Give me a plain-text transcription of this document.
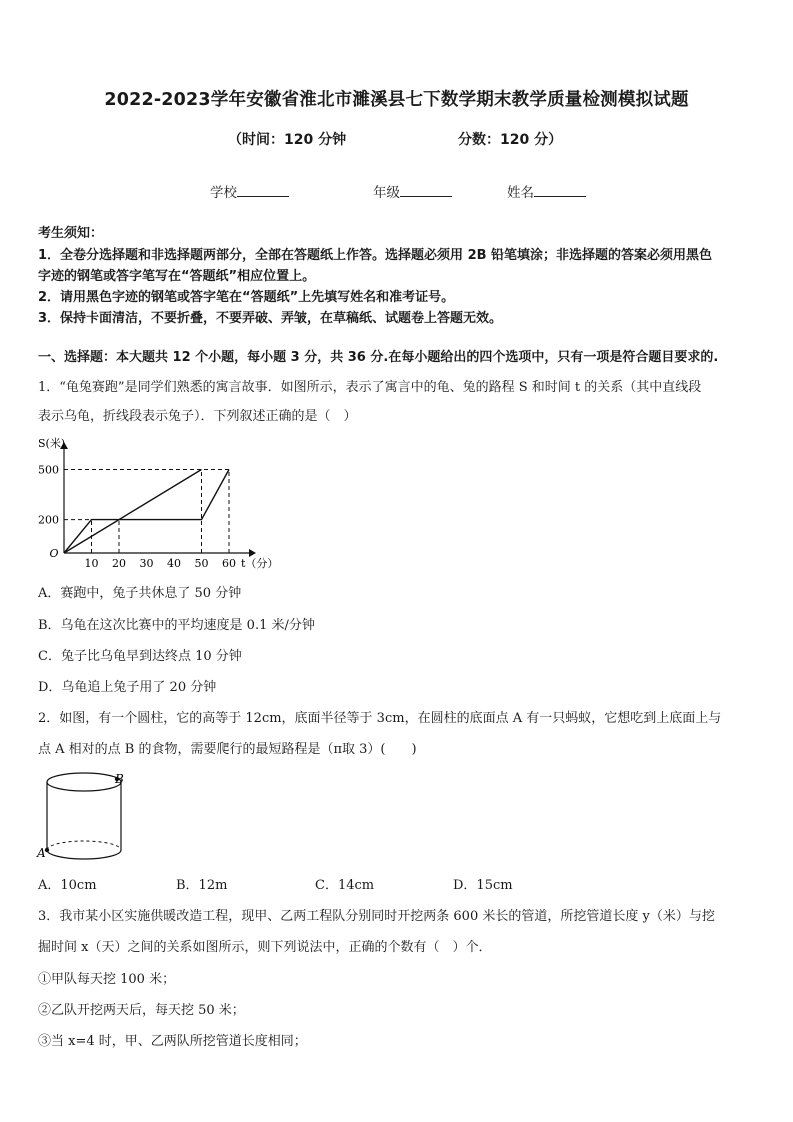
2022-2023学年安徽省淮北市濉溪县七下数学期末教学质量检测模拟试题
（时间：120 分钟	分数：120 分）
学校	年级	姓名
考生须知：
1．全卷分选择题和非选择题两部分，全部在答题纸上作答。选择题必须用 2B 铅笔填涂；非选择题的答案必须用黑色
字迹的钢笔或答字笔写在“答题纸”相应位置上。
2．请用黑色字迹的钢笔或答字笔在“答题纸”上先填写姓名和准考证号。
3．保持卡面清洁，不要折叠，不要弄破、弄皱，在草稿纸、试题卷上答题无效。
一、选择题：本大题共 12 个小题，每小题 3 分，共 36 分.在每小题给出的四个选项中，只有一项是符合题目要求的.
1．“龟兔赛跑”是同学们熟悉的寓言故事．如图所示，表示了寓言中的龟、兔的路程 S 和时间 t 的关系（其中直线段
表示乌龟，折线段表示兔子）．下列叙述正确的是（　）
10 20 30 40 50 60
200
500
O
S(米)
t（分）
A．赛跑中，兔子共休息了 50 分钟
B．乌龟在这次比赛中的平均速度是 0.1 米/分钟
C．兔子比乌龟早到达终点 10 分钟
D．乌龟追上兔子用了 20 分钟
2．如图，有一个圆柱，它的高等于 12cm，底面半径等于 3cm，在圆柱的底面点 A 有一只蚂蚁，它想吃到上底面上与
点 A 相对的点 B 的食物，需要爬行的最短路程是（π取 3）(　　)
B
A
A．10cm	B．12m	C．14cm	D．15cm
3．我市某小区实施供暖改造工程，现甲、乙两工程队分别同时开挖两条 600 米长的管道，所挖管道长度 y（米）与挖
掘时间 x（天）之间的关系如图所示，则下列说法中，正确的个数有（　）个．
①甲队每天挖 100 米；
②乙队开挖两天后，每天挖 50 米；
③当 x=4 时，甲、乙两队所挖管道长度相同；
